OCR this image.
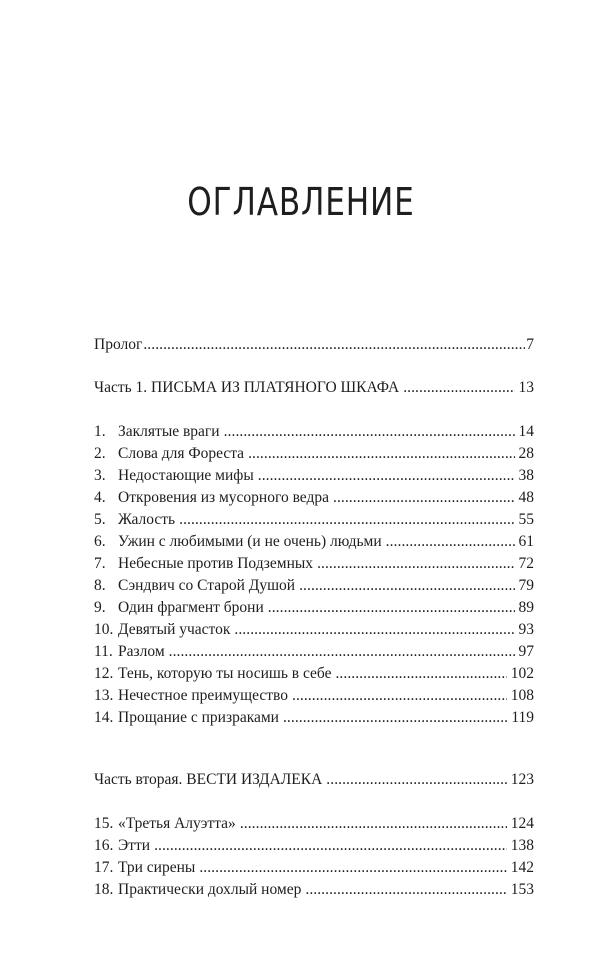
ОГЛАВЛЕНИЕ
Пролог . . .	7
Часть 1. ПИСЬМА ИЗ ПЛАТЯНОГО ШКАФА . . .	13
1. Заклятые враги . . .	14
2. Слова для Фореста . . .	28
3. Недостающие мифы . . .	38
4. Откровения из мусорного ведра . . .	48
5. Жалость . . .	55
6. Ужин с любимыми (и не очень) людьми . . .	61
7. Небесные против Подземных . . .	72
8. Сэндвич со Старой Душой . . .	79
9. Один фрагмент брони . . .	89
10. Девятый участок . . .	93
11. Разлом . . .	97
12. Тень, которую ты носишь в себе . . .	102
13. Нечестное преимущество . . .	108
14. Прощание с призраками . . .	119
Часть вторая. ВЕСТИ ИЗДАЛЕКА . . .	123
15. «Третья Алуэтта» . . .	124
16. Этти . . .	138
17. Три сирены . . .	142
18. Практически дохлый номер . . .	153
